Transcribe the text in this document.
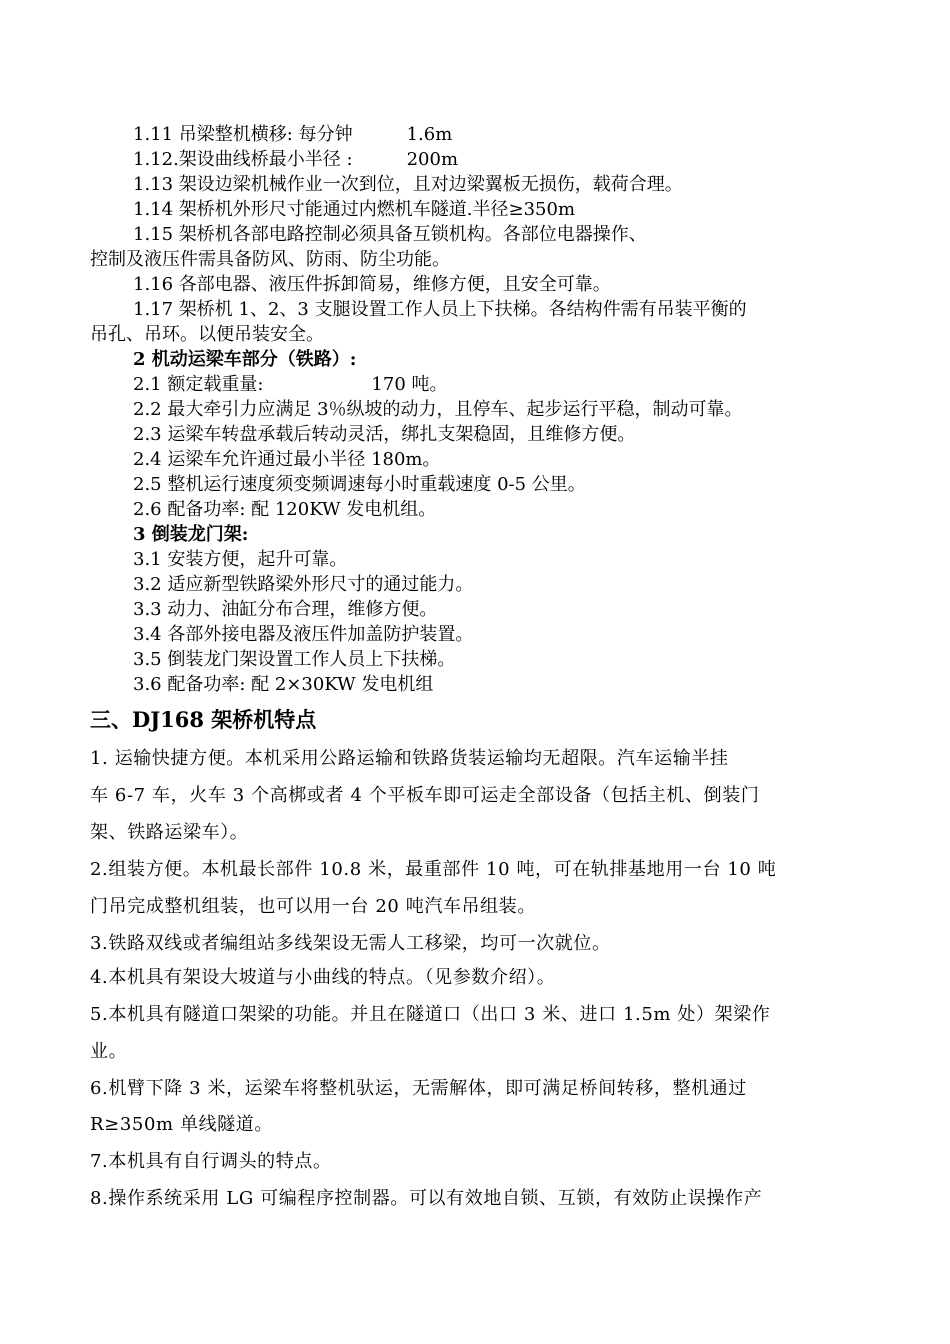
1.11 吊梁整机横移: 每分钟　　　1.6m
1.12.架设曲线桥最小半径 :　　　200m
1.13 架设边梁机械作业一次到位，且对边梁翼板无损伤，载荷合理。
1.14 架桥机外形尺寸能通过内燃机车隧道.半径≥350m
1.15 架桥机各部电路控制必须具备互锁机构。各部位电器操作、
控制及液压件需具备防风、防雨、防尘功能。
1.16 各部电器、液压件拆卸简易，维修方便，且安全可靠。
1.17 架桥机 1、2、3 支腿设置工作人员上下扶梯。各结构件需有吊装平衡的
吊孔、吊环。以便吊装安全。
2 机动运梁车部分（铁路）:
2.1 额定载重量:　　　　　　170 吨。
2.2 最大牵引力应满足 3％纵坡的动力，且停车、起步运行平稳，制动可靠。
2.3 运梁车转盘承载后转动灵活，绑扎支架稳固，且维修方便。
2.4 运梁车允许通过最小半径 180m。
2.5 整机运行速度须变频调速每小时重载速度 0-5 公里。
2.6 配备功率: 配 120KW 发电机组。
3 倒装龙门架:
3.1 安装方便，起升可靠。
3.2 适应新型铁路梁外形尺寸的通过能力。
3.3 动力、油缸分布合理，维修方便。
3.4 各部外接电器及液压件加盖防护装置。
3.5 倒装龙门架设置工作人员上下扶梯。
3.6 配备功率: 配 2×30KW 发电机组
三、DJ168 架桥机特点
1. 运输快捷方便。本机采用公路运输和铁路货装运输均无超限。汽车运输半挂
车 6-7 车，火车 3 个高梆或者 4 个平板车即可运走全部设备（包括主机、倒装门
架、铁路运梁车）。
2.组装方便。本机最长部件 10.8 米，最重部件 10 吨，可在轨排基地用一台 10 吨
门吊完成整机组装，也可以用一台 20 吨汽车吊组装。
3.铁路双线或者编组站多线架设无需人工移梁，均可一次就位。
4.本机具有架设大坡道与小曲线的特点。（见参数介绍）。
5.本机具有隧道口架梁的功能。并且在隧道口（出口 3 米、进口 1.5m 处）架梁作
业。
6.机臂下降 3 米，运梁车将整机驮运，无需解体，即可满足桥间转移，整机通过
R≥350m 单线隧道。
7.本机具有自行调头的特点。
8.操作系统采用 LG 可编程序控制器。可以有效地自锁、互锁，有效防止误操作产
